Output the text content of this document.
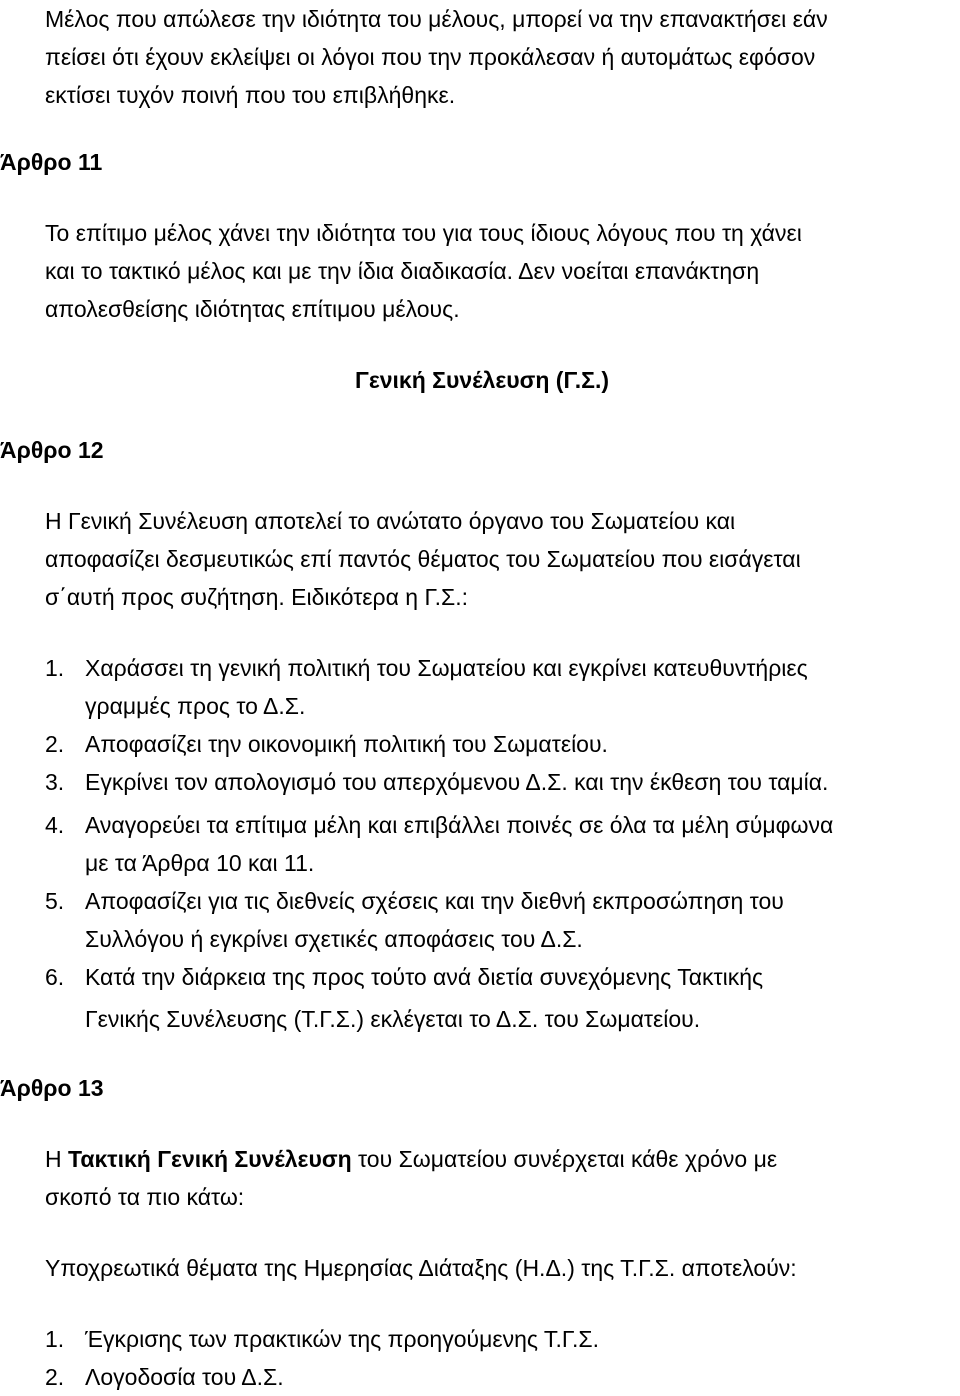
Μέλος που απώλεσε την ιδιότητα του μέλους, μπορεί να την επανακτήσει εάν
πείσει ότι έχουν εκλείψει οι λόγοι που την προκάλεσαν ή αυτομάτως εφόσον
εκτίσει τυχόν ποινή που του επιβλήθηκε.
Άρθρο 11
Το επίτιμο μέλος χάνει την ιδιότητα του για τους ίδιους λόγους που τη χάνει
και το τακτικό μέλος και με την ίδια διαδικασία. Δεν νοείται επανάκτηση
απολεσθείσης ιδιότητας επίτιμου μέλους.
Γενική Συνέλευση (Γ.Σ.)
Άρθρο 12
Η Γενική Συνέλευση αποτελεί το ανώτατο όργανο του Σωματείου και
αποφασίζει δεσμευτικώς επί παντός θέματος του Σωματείου που εισάγεται
σ΄αυτή προς συζήτηση. Ειδικότερα η Γ.Σ.:
1. Χαράσσει τη γενική πολιτική του Σωματείου και εγκρίνει κατευθυντήριες
γραμμές προς το Δ.Σ.
2. Αποφασίζει την οικονομική πολιτική του Σωματείου.
3. Εγκρίνει τον απολογισμό του απερχόμενου Δ.Σ. και την έκθεση του ταμία.
4. Αναγορεύει τα επίτιμα μέλη και επιβάλλει ποινές σε όλα τα μέλη σύμφωνα
με τα Άρθρα 10 και 11.
5. Αποφασίζει για τις διεθνείς σχέσεις και την διεθνή εκπροσώπηση του
Συλλόγου ή εγκρίνει σχετικές αποφάσεις του Δ.Σ.
6. Κατά την διάρκεια της προς τούτο ανά διετία συνεχόμενης Τακτικής
Γενικής Συνέλευσης (Τ.Γ.Σ.) εκλέγεται το Δ.Σ. του Σωματείου.
Άρθρο 13
Η Τακτική Γενική Συνέλευση του Σωματείου συνέρχεται κάθε χρόνο με
σκοπό τα πιο κάτω:
Υποχρεωτικά θέματα της Ημερησίας Διάταξης (Η.Δ.) της Τ.Γ.Σ. αποτελούν:
1. Έγκρισης των πρακτικών της προηγούμενης Τ.Γ.Σ.
2. Λογοδοσία του Δ.Σ.
